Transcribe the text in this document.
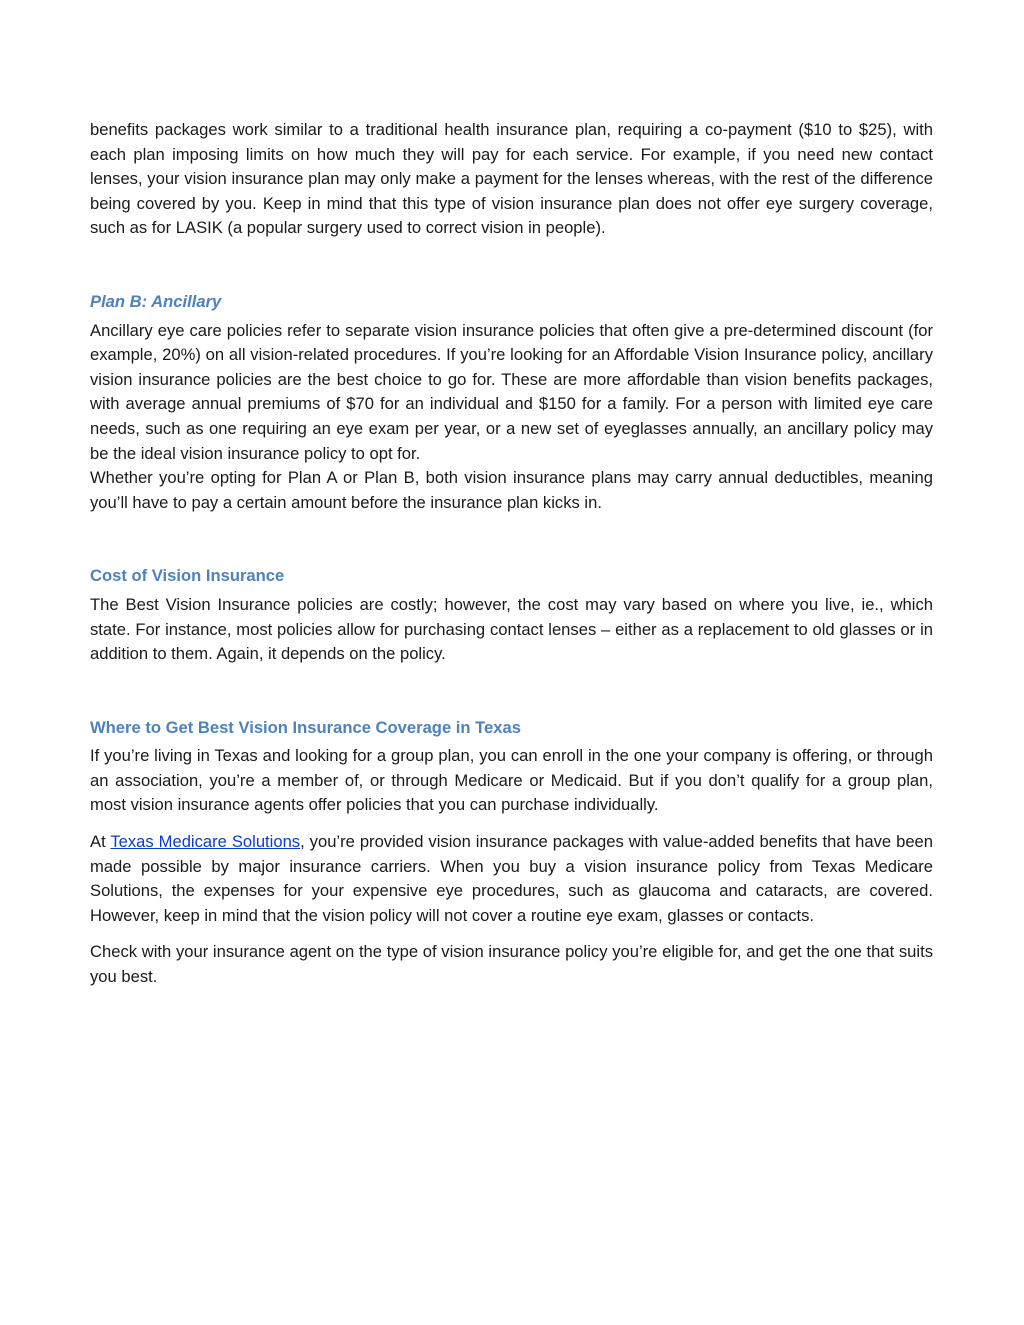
benefits packages work similar to a traditional health insurance plan, requiring a co-payment ($10 to $25), with each plan imposing limits on how much they will pay for each service. For example, if you need new contact lenses, your vision insurance plan may only make a payment for the lenses whereas, with the rest of the difference being covered by you. Keep in mind that this type of vision insurance plan does not offer eye surgery coverage, such as for LASIK (a popular surgery used to correct vision in people).

Plan B: Ancillary

Ancillary eye care policies refer to separate vision insurance policies that often give a pre-determined discount (for example, 20%) on all vision-related procedures. If you’re looking for an Affordable Vision Insurance policy, ancillary vision insurance policies are the best choice to go for. These are more affordable than vision benefits packages, with average annual premiums of $70 for an individual and $150 for a family. For a person with limited eye care needs, such as one requiring an eye exam per year, or a new set of eyeglasses annually, an ancillary policy may be the ideal vision insurance policy to opt for.

Whether you’re opting for Plan A or Plan B, both vision insurance plans may carry annual deductibles, meaning you’ll have to pay a certain amount before the insurance plan kicks in.

Cost of Vision Insurance

The Best Vision Insurance policies are costly; however, the cost may vary based on where you live, ie., which state. For instance, most policies allow for purchasing contact lenses – either as a replacement to old glasses or in addition to them. Again, it depends on the policy.

Where to Get Best Vision Insurance Coverage in Texas

If you’re living in Texas and looking for a group plan, you can enroll in the one your company is offering, or through an association, you’re a member of, or through Medicare or Medicaid. But if you don’t qualify for a group plan, most vision insurance agents offer policies that you can purchase individually.

At Texas Medicare Solutions, you’re provided vision insurance packages with value-added benefits that have been made possible by major insurance carriers. When you buy a vision insurance policy from Texas Medicare Solutions, the expenses for your expensive eye procedures, such as glaucoma and cataracts, are covered. However, keep in mind that the vision policy will not cover a routine eye exam, glasses or contacts.

Check with your insurance agent on the type of vision insurance policy you’re eligible for, and get the one that suits you best.
